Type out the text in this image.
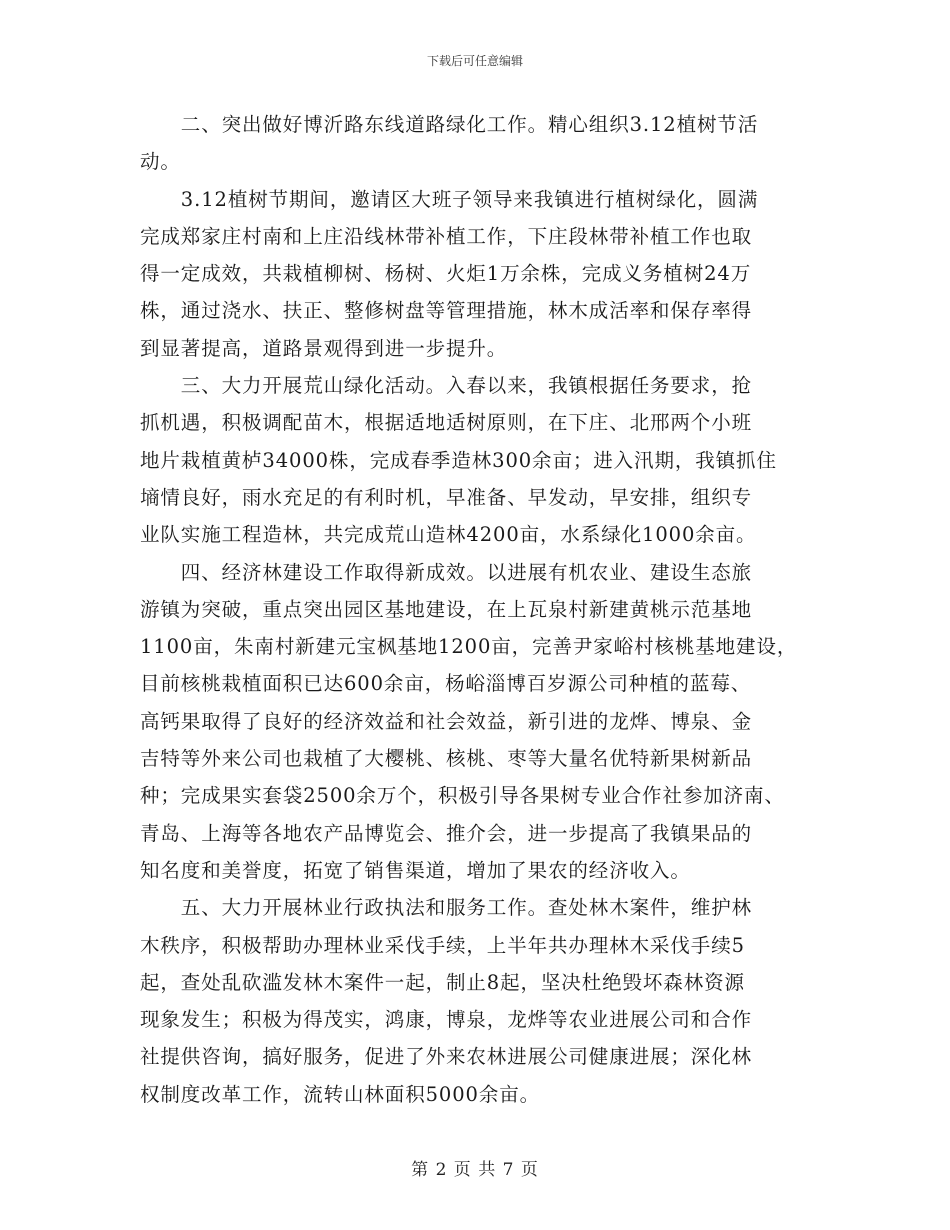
下载后可任意编辑
　　二、突出做好博沂路东线道路绿化工作。精心组织3.12植树节活
动。
　　3.12植树节期间，邀请区大班子领导来我镇进行植树绿化，圆满
完成郑家庄村南和上庄沿线林带补植工作，下庄段林带补植工作也取
得一定成效，共栽植柳树、杨树、火炬1万余株，完成义务植树24万
株，通过浇水、扶正、整修树盘等管理措施，林木成活率和保存率得
到显著提高，道路景观得到进一步提升。
　　三、大力开展荒山绿化活动。入春以来，我镇根据任务要求，抢
抓机遇，积极调配苗木，根据适地适树原则，在下庄、北邢两个小班
地片栽植黄栌34000株，完成春季造林300余亩；进入汛期，我镇抓住
墒情良好，雨水充足的有利时机，早准备、早发动，早安排，组织专
业队实施工程造林，共完成荒山造林4200亩，水系绿化1000余亩。
　　四、经济林建设工作取得新成效。以进展有机农业、建设生态旅
游镇为突破，重点突出园区基地建设，在上瓦泉村新建黄桃示范基地
1100亩，朱南村新建元宝枫基地1200亩，完善尹家峪村核桃基地建设，
目前核桃栽植面积已达600余亩，杨峪淄博百岁源公司种植的蓝莓、
高钙果取得了良好的经济效益和社会效益，新引进的龙烨、博泉、金
吉特等外来公司也栽植了大樱桃、核桃、枣等大量名优特新果树新品
种；完成果实套袋2500余万个，积极引导各果树专业合作社参加济南、
青岛、上海等各地农产品博览会、推介会，进一步提高了我镇果品的
知名度和美誉度，拓宽了销售渠道，增加了果农的经济收入。
　　五、大力开展林业行政执法和服务工作。查处林木案件，维护林
木秩序，积极帮助办理林业采伐手续，上半年共办理林木采伐手续5
起，查处乱砍滥发林木案件一起，制止8起，坚决杜绝毁坏森林资源
现象发生；积极为得茂实，鸿康，博泉，龙烨等农业进展公司和合作
社提供咨询，搞好服务，促进了外来农林进展公司健康进展；深化林
权制度改革工作，流转山林面积5000余亩。
第 2 页 共 7 页
